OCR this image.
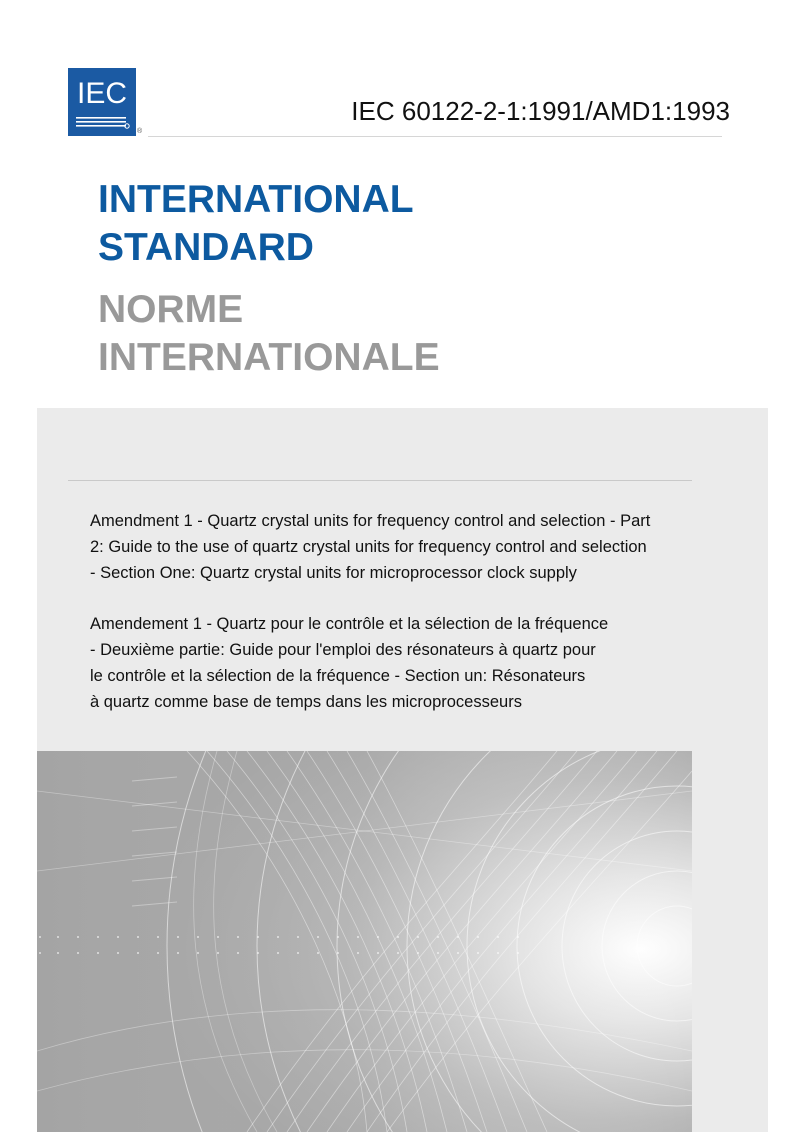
IEC
®
IEC 60122-2-1:1991/AMD1:1993
INTERNATIONAL
STANDARD
NORME
INTERNATIONALE
Amendment 1 - Quartz crystal units for frequency control and selection - Part
2: Guide to the use of quartz crystal units for frequency control and selection
- Section One: Quartz crystal units for microprocessor clock supply
Amendement 1 - Quartz pour le contrôle et la sélection de la fréquence
- Deuxième partie: Guide pour l'emploi des résonateurs à quartz pour
le contrôle et la sélection de la fréquence - Section un: Résonateurs
à quartz comme base de temps dans les microprocesseurs
